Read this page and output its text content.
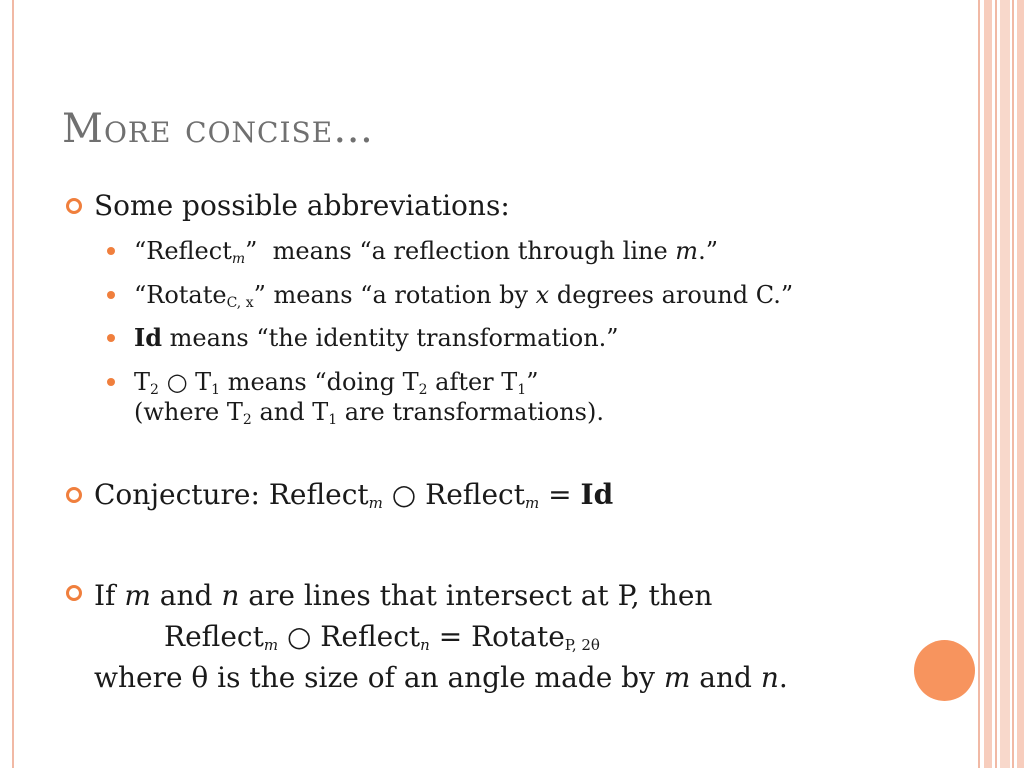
More concise…
Some possible abbreviations:
“Reflect$_m$”  means “a reflection through line m.”
“Rotate$_{C, x}$” means “a rotation by x degrees around C.”
Id means “the identity transformation.”
$T_2$ ○ $T_1$ means “doing $T_2$ after $T_1$”
(where $T_2$ and $T_1$ are transformations).
Conjecture: Reflect$_m$ ○ Reflect$_m$ = Id
If m and n are lines that intersect at P, then
Reflect$_m$ ○ Reflect$_n$ = Rotate$_{P, 2\theta}$
where θ is the size of an angle made by m and n.
